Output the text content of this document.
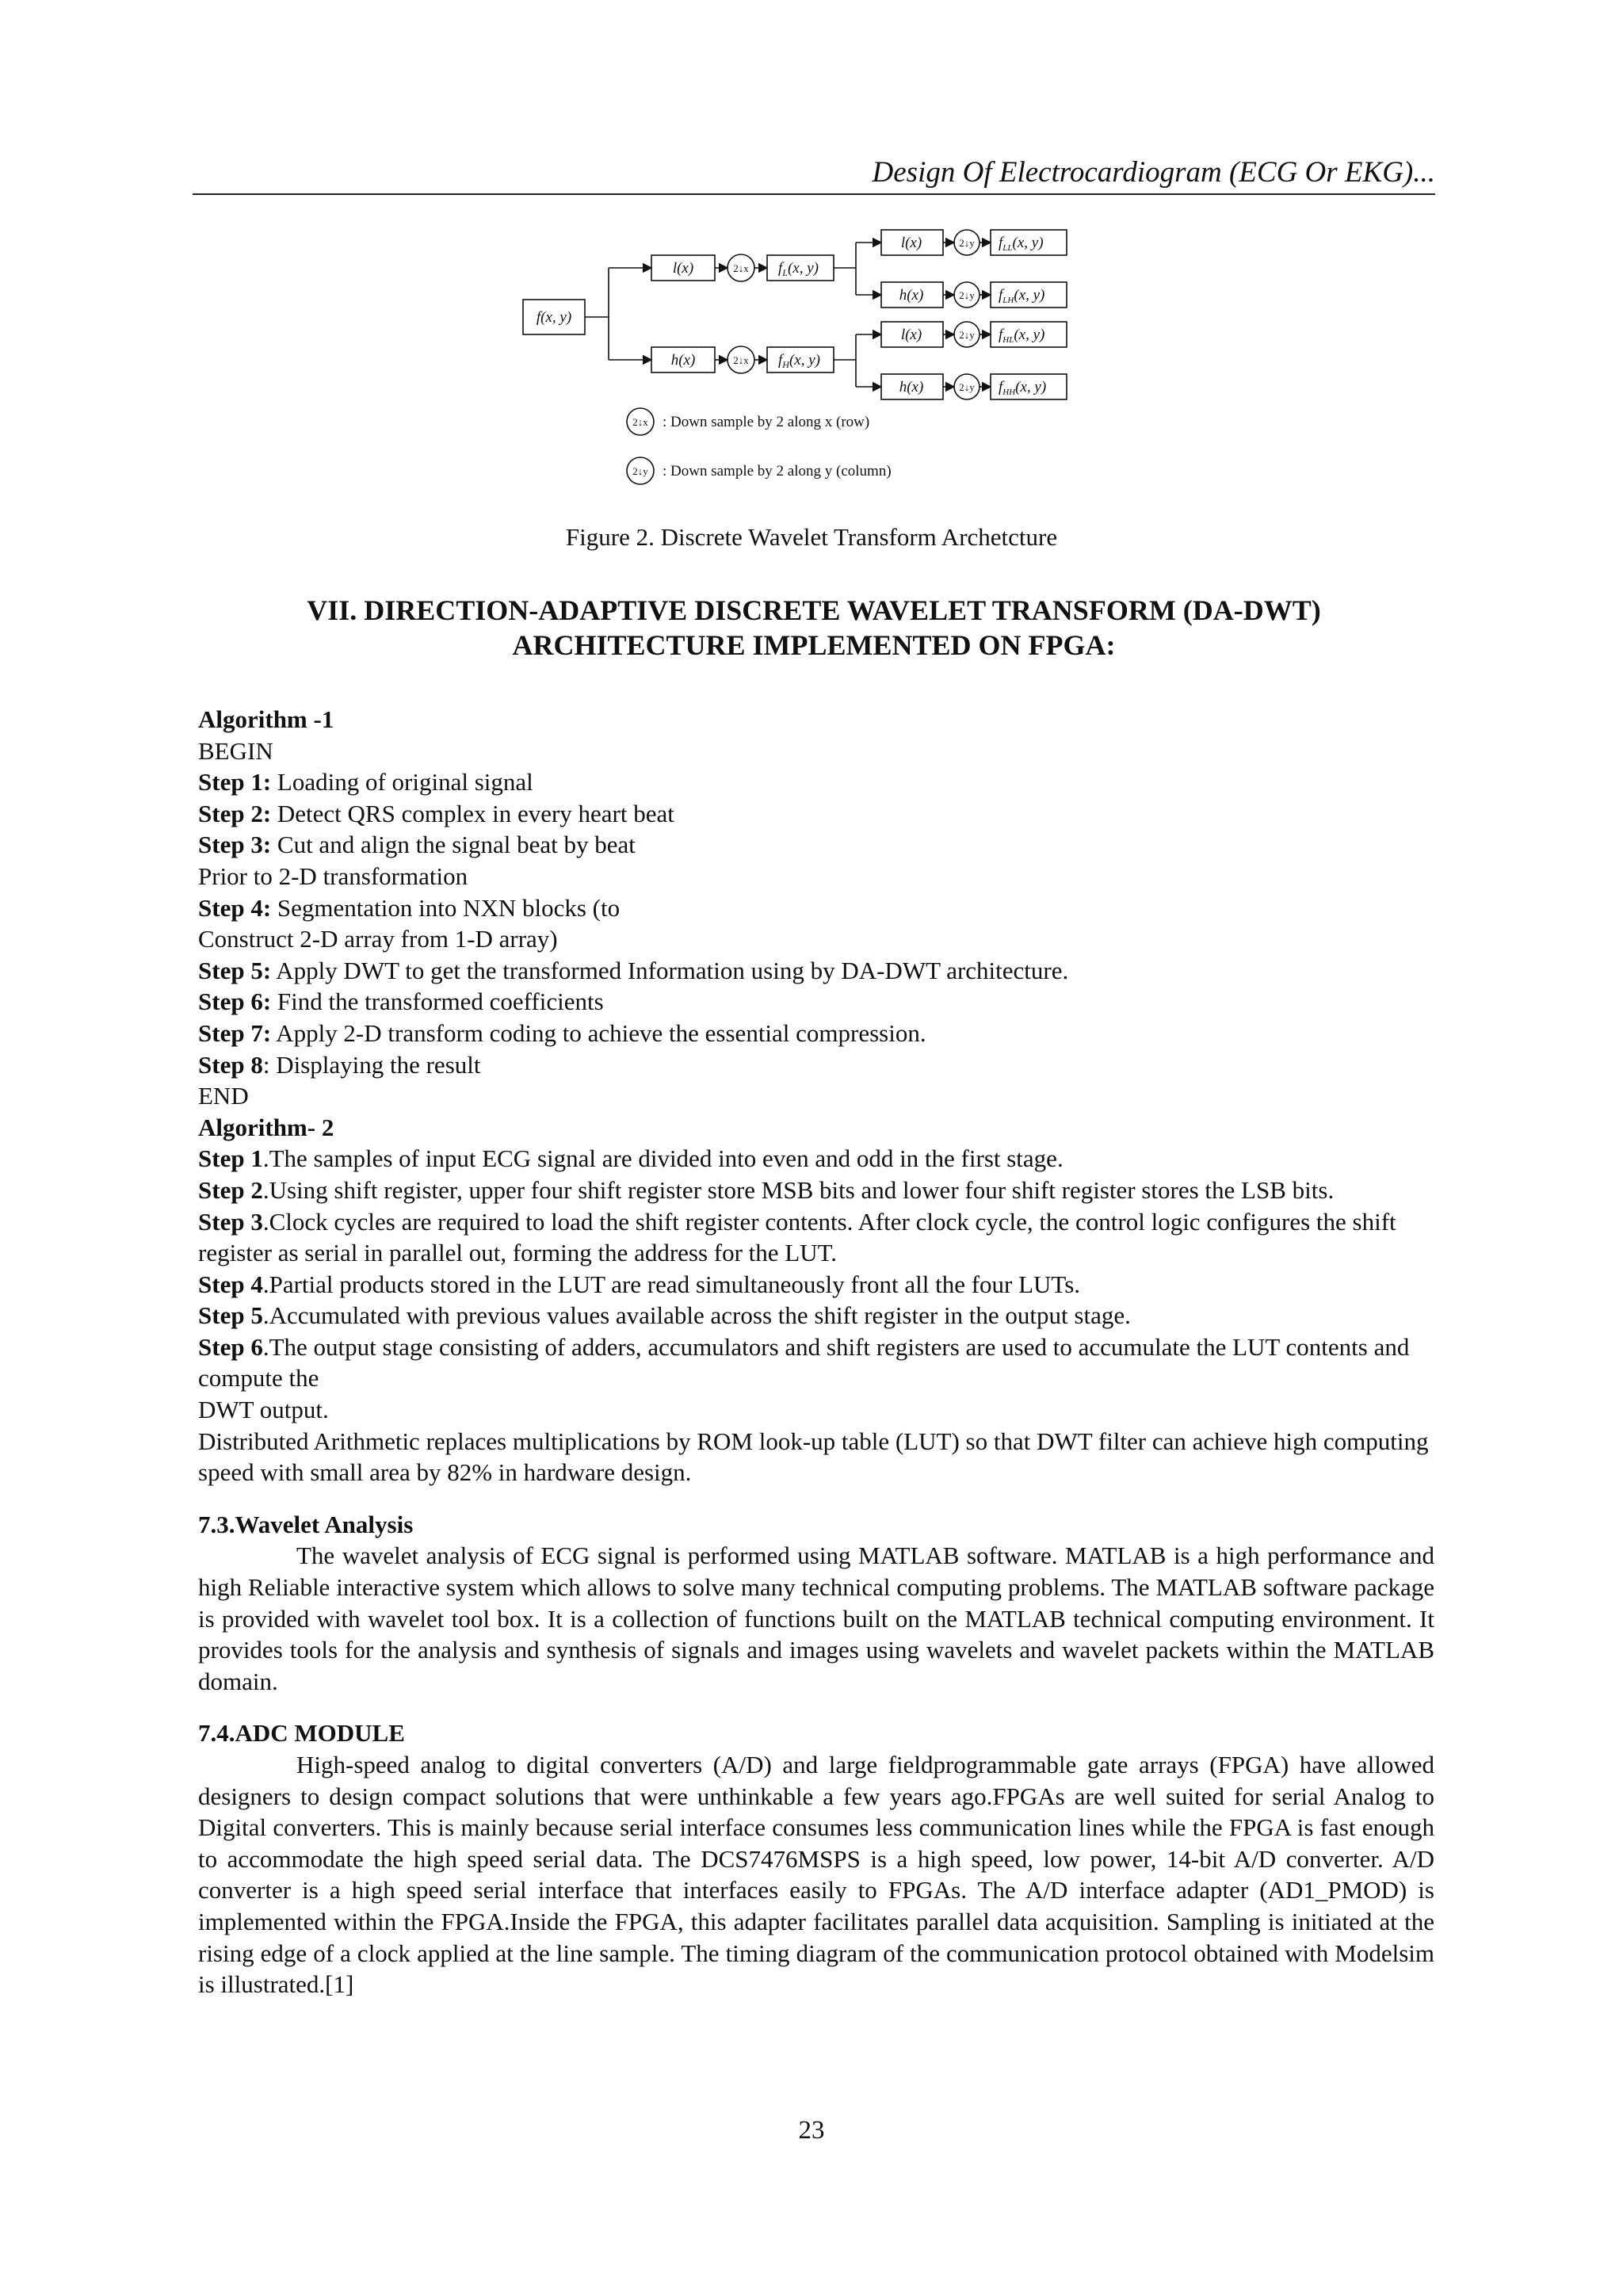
Design Of Electrocardiogram (ECG Or EKG)...
f(x, y)
l(x)
h(x)
l(x)
h(x)
l(x)
h(x)
$f_L(x$, y)
$f_H(x$, y)
$f_{LL}(x$, y)
$f_{LH}(x$, y)
$f_{HL}(x$, y)
$f_{HH}(x$, y)
2↓x
2↓x
2↓y
2↓y
2↓y
2↓y
2↓x
2↓y
: Down sample by 2 along x (row)
: Down sample by 2 along y (column)
Figure 2. Discrete Wavelet Transform Archetcture
VII. DIRECTION-ADAPTIVE DISCRETE WAVELET TRANSFORM (DA-DWT)
ARCHITECTURE IMPLEMENTED ON FPGA:

Algorithm -1

BEGIN

Step 1: Loading of original signal

Step 2: Detect QRS complex in every heart beat

Step 3: Cut and align the signal beat by beat

Prior to 2-D transformation

Step 4: Segmentation into NXN blocks (to

Construct 2-D array from 1-D array)

Step 5: Apply DWT to get the transformed Information using by DA-DWT architecture.

Step 6: Find the transformed coefficients

Step 7: Apply 2-D transform coding to achieve the essential compression.

Step 8: Displaying the result

END

Algorithm- 2

Step 1.The samples of input ECG signal are divided into even and odd in the first stage.

Step 2.Using shift register, upper four shift register store MSB bits and lower four shift register stores the LSB bits.

Step 3.Clock cycles are required to load the shift register contents. After clock cycle, the control logic configures the shift register as serial in parallel out, forming the address for the LUT.

Step 4.Partial products stored in the LUT are read simultaneously front all the four LUTs.

Step 5.Accumulated with previous values available across the shift register in the output stage.

Step 6.The output stage consisting of adders, accumulators and shift registers are used to accumulate the LUT contents and compute the

DWT output.

Distributed Arithmetic replaces multiplications by ROM look-up table (LUT) so that DWT filter can achieve high computing speed with small area by 82% in hardware design.

7.3.Wavelet Analysis

The wavelet analysis of ECG signal is performed using MATLAB software. MATLAB is a high performance and high Reliable interactive system which allows to solve many technical computing problems. The MATLAB software package is provided with wavelet tool box. It is a collection of functions built on the MATLAB technical computing environment. It provides tools for the analysis and synthesis of signals and images using wavelets and wavelet packets within the MATLAB domain.

7.4.ADC MODULE

High-speed analog to digital converters (A/D) and large fieldprogrammable gate arrays (FPGA) have allowed designers to design compact solutions that were unthinkable a few years ago.FPGAs are well suited for serial Analog to Digital converters. This is mainly because serial interface consumes less communication lines while the FPGA is fast enough to accommodate the high speed serial data. The DCS7476MSPS is a high speed, low power, 14-bit A/D converter. A/D converter is a high speed serial interface that interfaces easily to FPGAs. The A/D interface adapter (AD1_PMOD) is implemented within the FPGA.Inside the FPGA, this adapter facilitates parallel data acquisition. Sampling is initiated at the rising edge of a clock applied at the line sample. The timing diagram of the communication protocol obtained with Modelsim is illustrated.[1]

23
